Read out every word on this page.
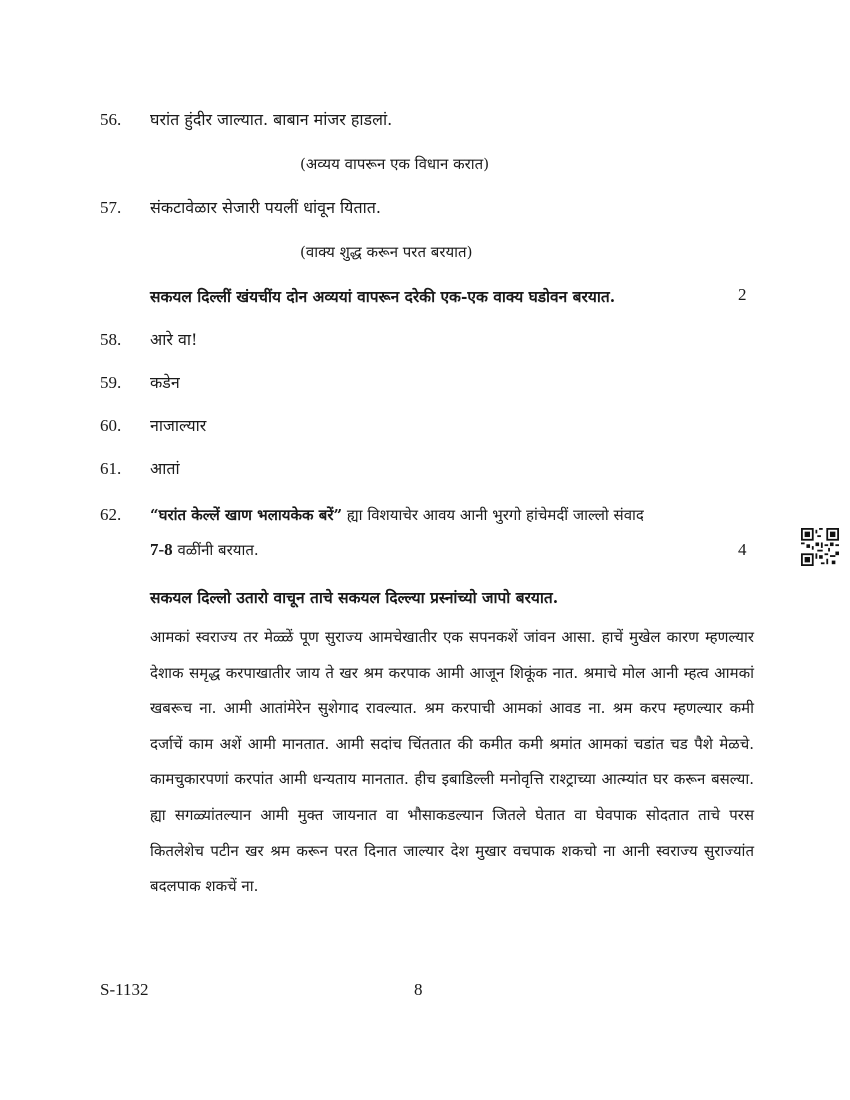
56. घरांत हुंदीर जाल्यात. बाबान मांजर हाडलां.
(अव्यय वापरून एक विधान करात)
57. संकटावेळार सेजारी पयलीं धांवून यितात.
(वाक्य शुद्ध करून परत बरयात)
सकयल दिल्लीं खंयचींय दोन अव्ययां वापरून दरेकी एक-एक वाक्य घडोवन बरयात.	2
58. आरे वा!
59. कडेन
60. नाजाल्यार
61. आतां
62. “घरांत केल्लें खाण भलायकेक बरें” ह्या विशयाचेर आवय आनी भुरगो हांचेमदीं जाल्लो संवाद
7-8 वळींनी बरयात.	4
सकयल दिल्लो उतारो वाचून ताचे सकयल दिल्ल्या प्रस्नांच्यो जापो बरयात.
आमकां स्वराज्य तर मेळ्ळें पूण सुराज्य आमचेखातीर एक सपनकशें जांवन आसा. हाचें मुखेल कारण म्हणल्यार देशाक समृद्ध करपाखातीर जाय ते खर श्रम करपाक आमी आजून शिकूंक नात. श्रमाचे मोल आनी म्हत्व आमकां खबरूच ना. आमी आतांमेरेन सुशेगाद रावल्यात. श्रम करपाची आमकां आवड ना. श्रम करप म्हणल्यार कमी दर्जाचें काम अशें आमी मानतात. आमी सदांच चिंततात की कमीत कमी श्रमांत आमकां चडांत चड पैशे मेळचे. कामचुकारपणां करपांत आमी धन्यताय मानतात. हीच इबाडिल्ली मनोवृत्ति राश्ट्राच्या आत्म्यांत घर करून बसल्या. ह्या सगळ्यांतल्यान आमी मुक्त जायनात वा भौसाकडल्यान जितले घेतात वा घेवपाक सोदतात ताचे परस कितलेशेच पटीन खर श्रम करून परत दिनात जाल्यार देश मुखार वचपाक शकचो ना आनी स्वराज्य सुराज्यांत बदलपाक शकचें ना.
S-1132	8
